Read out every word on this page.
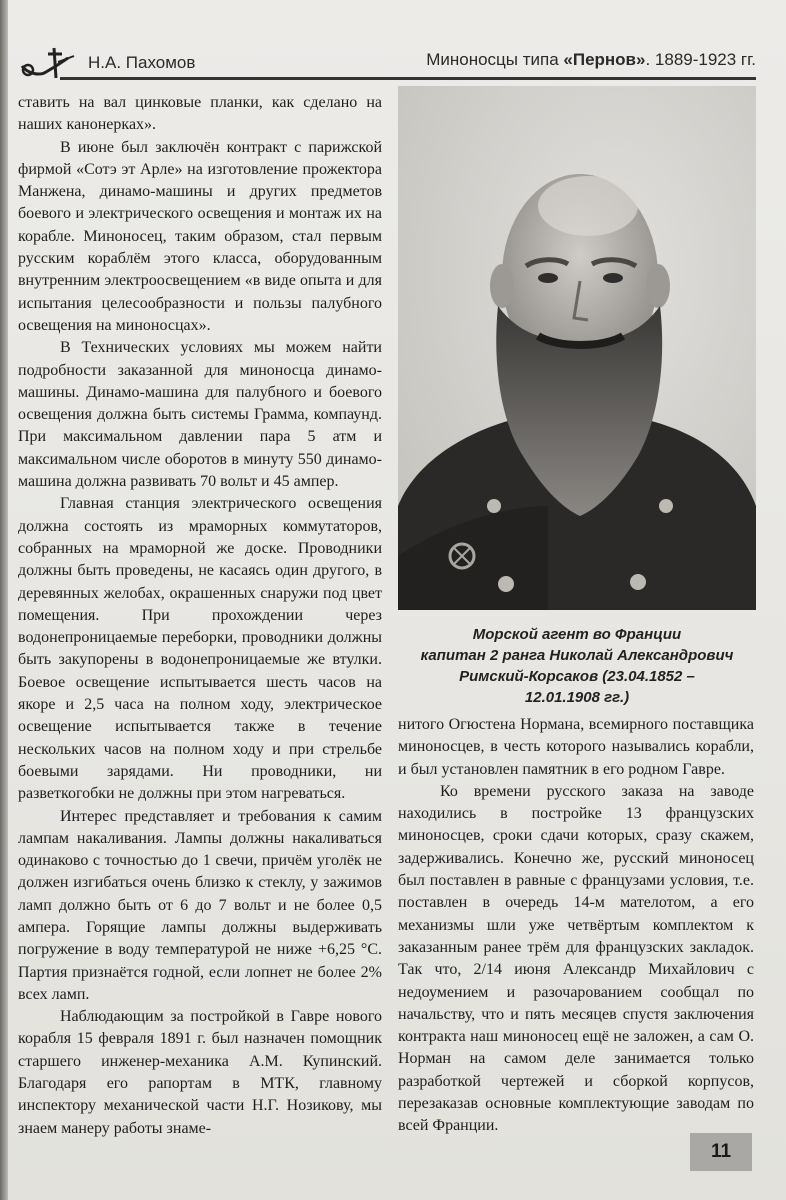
Н.А. Пахомов	Миноносцы типа «Пернов». 1889-1923 гг.

ставить на вал цинковые планки, как сделано на наших канонерках».

В июне был заключён контракт с парижской фирмой «Сотэ эт Арле» на изготовление прожектора Манжена, динамо-машины и других предметов боевого и электрического освещения и монтаж их на корабле. Миноносец, таким образом, стал первым русским кораблём этого класса, оборудованным внутренним электроосвещением «в виде опыта и для испытания целесообразности и пользы палубного освещения на миноносцах».

В Технических условиях мы можем найти подробности заказанной для миноносца динамо-машины. Динамо-машина для палубного и боевого освещения должна быть системы Грамма, компаунд. При максимальном давлении пара 5 атм и максимальном числе оборотов в минуту 550 динамо-машина должна развивать 70 вольт и 45 ампер.

Главная станция электрического освещения должна состоять из мраморных коммутаторов, собранных на мраморной же доске. Проводники должны быть проведены, не касаясь один другого, в деревянных желобах, окрашенных снаружи под цвет помещения. При прохождении через водонепроницаемые переборки, проводники должны быть закупорены в водонепроницаемые же втулки. Боевое освещение испытывается шесть часов на якоре и 2,5 часа на полном ходу, электрическое освещение испытывается также в течение нескольких часов на полном ходу и при стрельбе боевыми зарядами. Ни проводники, ни разветкогобки не должны при этом нагреваться.

Интерес представляет и требования к самим лампам накаливания. Лампы должны накаливаться одинаково с точностью до 1 свечи, причём уголёк не должен изгибаться очень близко к стеклу, у зажимов ламп должно быть от 6 до 7 вольт и не более 0,5 ампера. Горящие лампы должны выдерживать погружение в воду температурой не ниже +6,25 °С. Партия признаётся годной, если лопнет не более 2% всех ламп.

Наблюдающим за постройкой в Гавре нового корабля 15 февраля 1891 г. был назначен помощник старшего инженер-механика А.М. Купинский. Благодаря его рапортам в МТК, главному инспектору механической части Н.Г. Нозикову, мы знаем манеру работы знаме-

Морской агент во Франции
капитан 2 ранга Николай Александрович
Римский-Корсаков (23.04.1852 –
12.01.1908 гг.)

нитого Огюстена Нормана, всемирного поставщика миноносцев, в честь которого назывались корабли, и был установлен памятник в его родном Гавре.

Ко времени русского заказа на заводе находились в постройке 13 французских миноносцев, сроки сдачи которых, сразу скажем, задерживались. Конечно же, русский миноносец был поставлен в равные с французами условия, т.е. поставлен в очередь 14-м мателотом, а его механизмы шли уже четвёртым комплектом к заказанным ранее трём для французских закладок. Так что, 2/14 июня Александр Михайлович с недоумением и разочарованием сообщал по начальству, что и пять месяцев спустя заключения контракта наш миноносец ещё не заложен, а сам О. Норман на самом деле занимается только разработкой чертежей и сборкой корпусов, перезаказав основные комплектующие заводам по всей Франции.

11
